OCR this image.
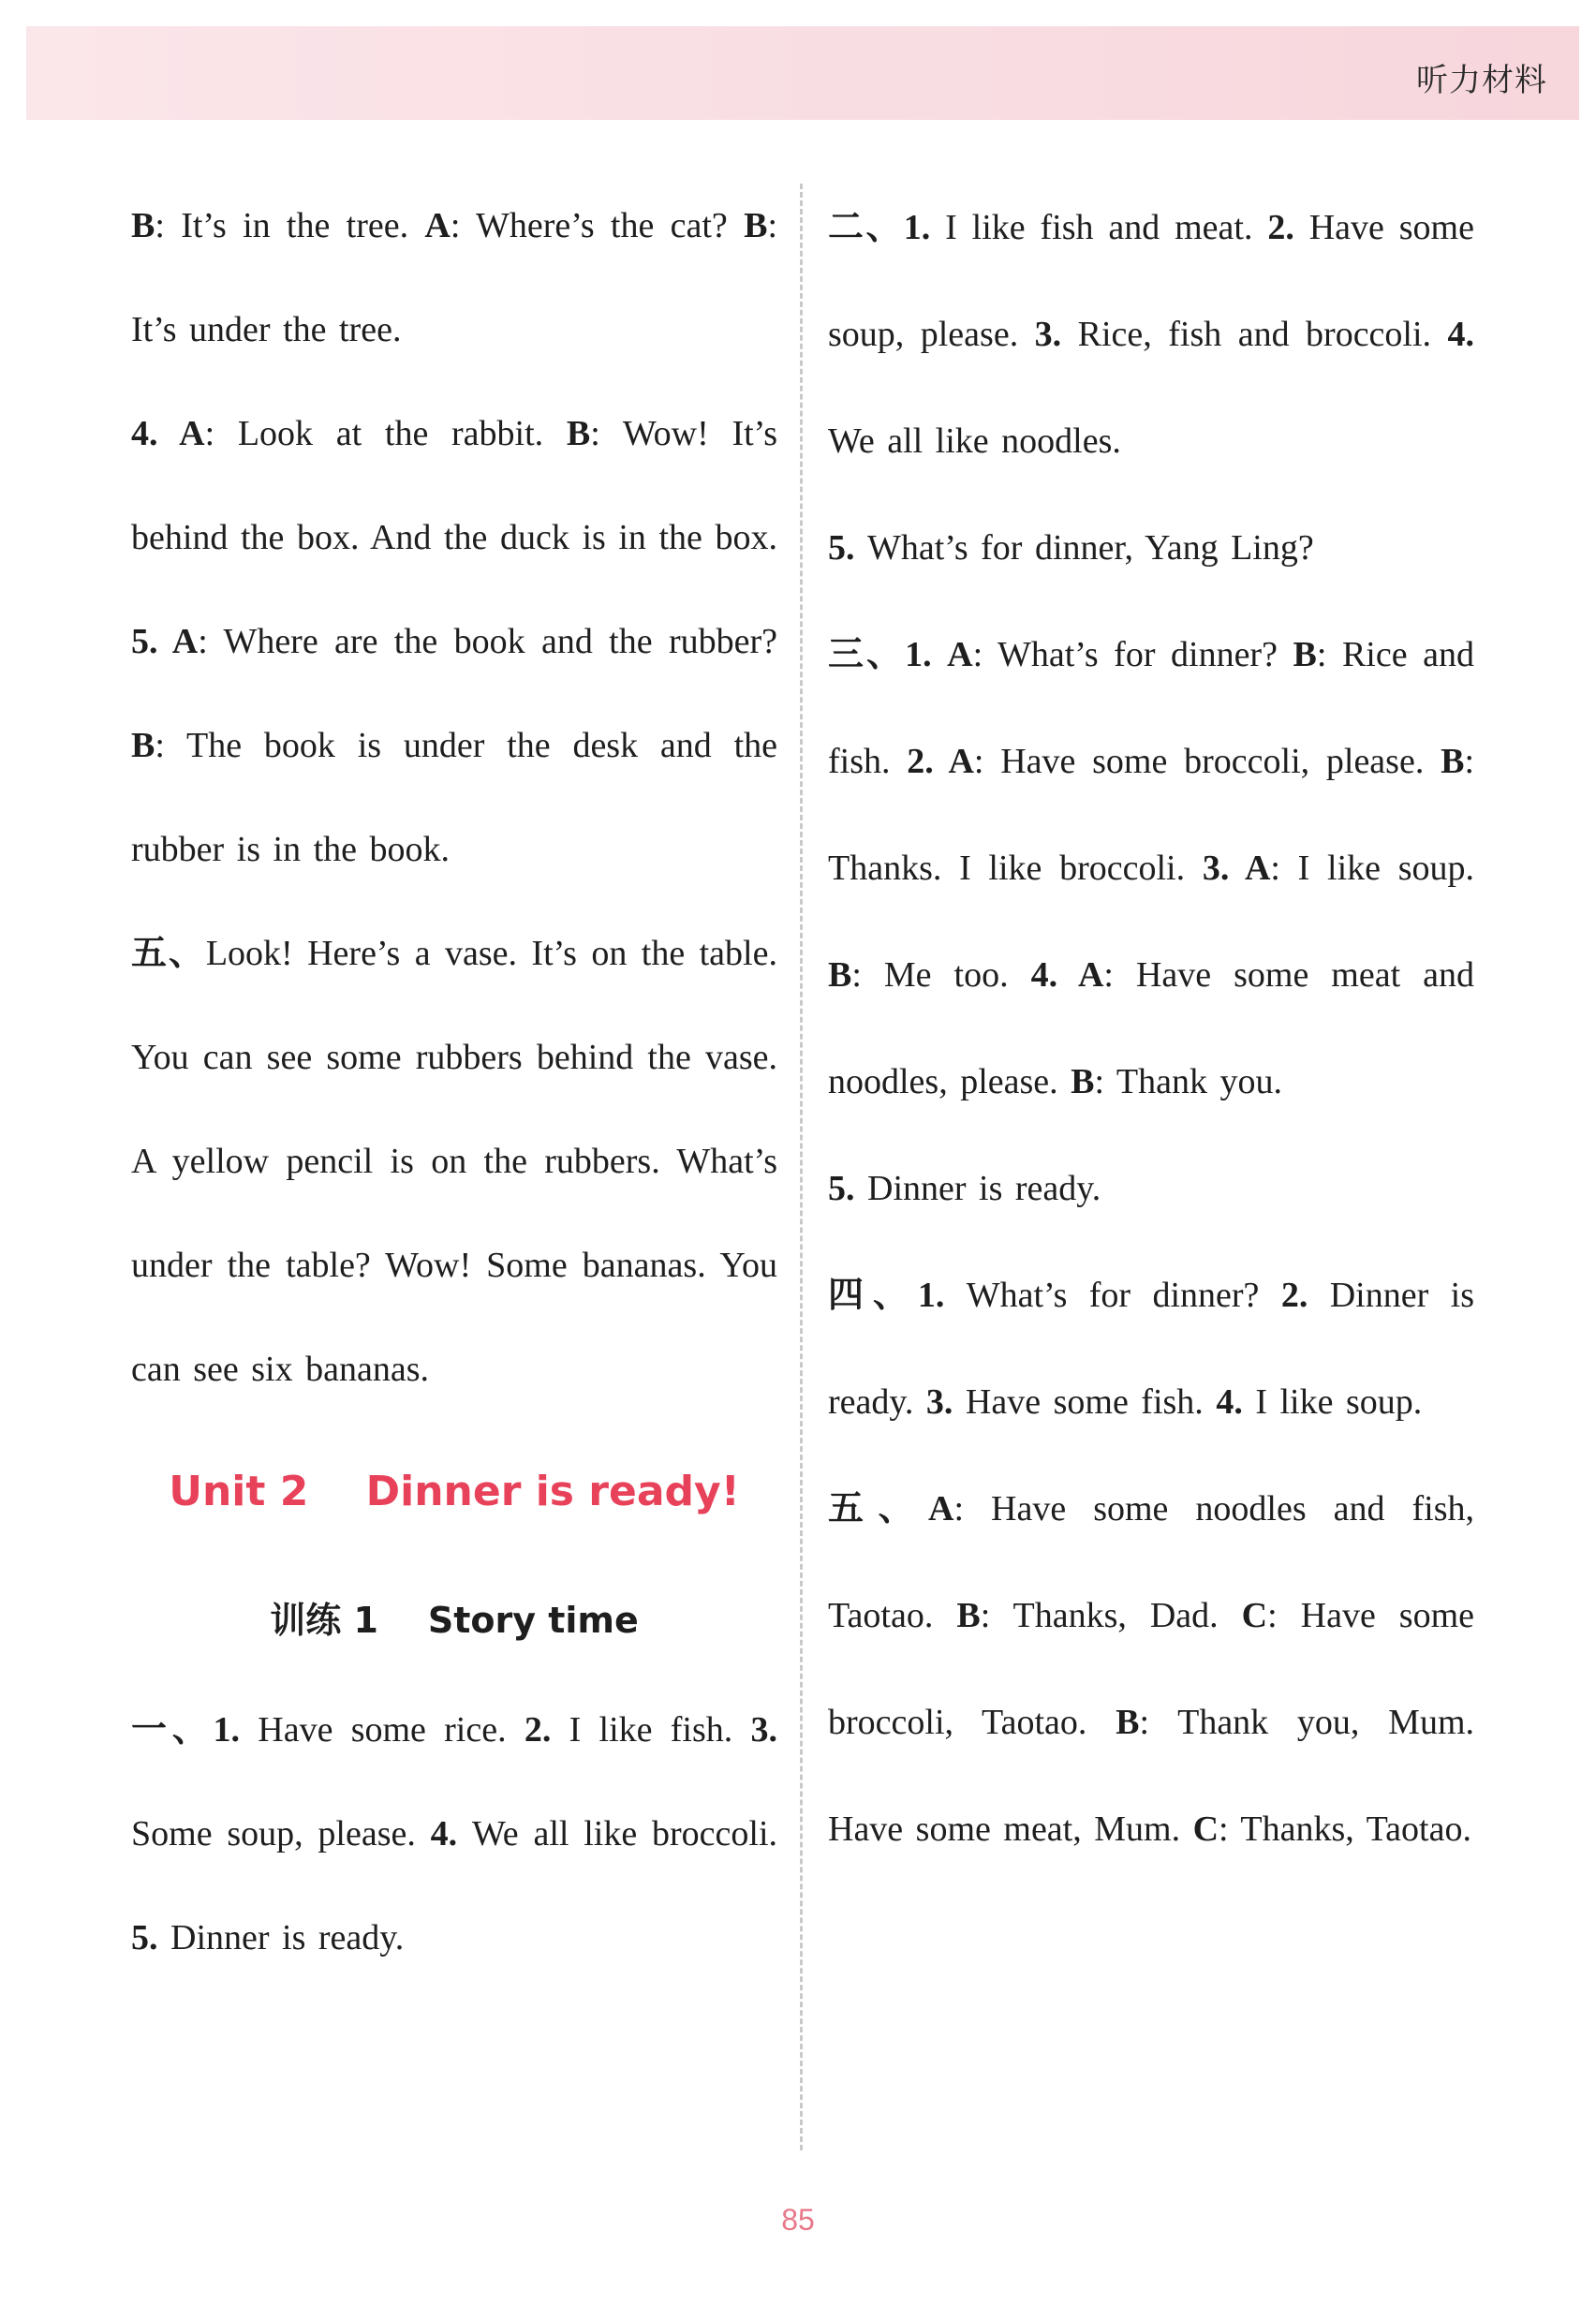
听力材料

B: It’s in the tree. A: Where’s the cat? B: It’s under the tree.

4. A: Look at the rabbit. B: Wow! It’s behind the box. And the duck is in the box. 5. A: Where are the book and the rubber? B: The book is under the desk and the rubber is in the book.

五、Look! Here’s a vase. It’s on the table. You can see some rubbers behind the vase. A yellow pencil is on the rubbers. What’s under the table? Wow! Some bananas. You can see six bananas.

Unit 2    Dinner is ready!
训练 1    Story time

一、1. Have some rice. 2. I like fish. 3. Some soup, please. 4. We all like broccoli. 5. Dinner is ready.

二、1. I like fish and meat. 2. Have some soup, please. 3. Rice, fish and broccoli. 4. We all like noodles.

5. What’s for dinner, Yang Ling?

三、1. A: What’s for dinner? B: Rice and fish. 2. A: Have some broccoli, please. B: Thanks. I like broccoli. 3. A: I like soup. B: Me too. 4. A: Have some meat and noodles, please. B: Thank you.

5. Dinner is ready.

四、1. What’s for dinner? 2. Dinner is ready. 3. Have some fish. 4. I like soup.

五、A: Have some noodles and fish, Taotao. B: Thanks, Dad. C: Have some broccoli, Taotao. B: Thank you, Mum. Have some meat, Mum. C: Thanks, Taotao.

85
